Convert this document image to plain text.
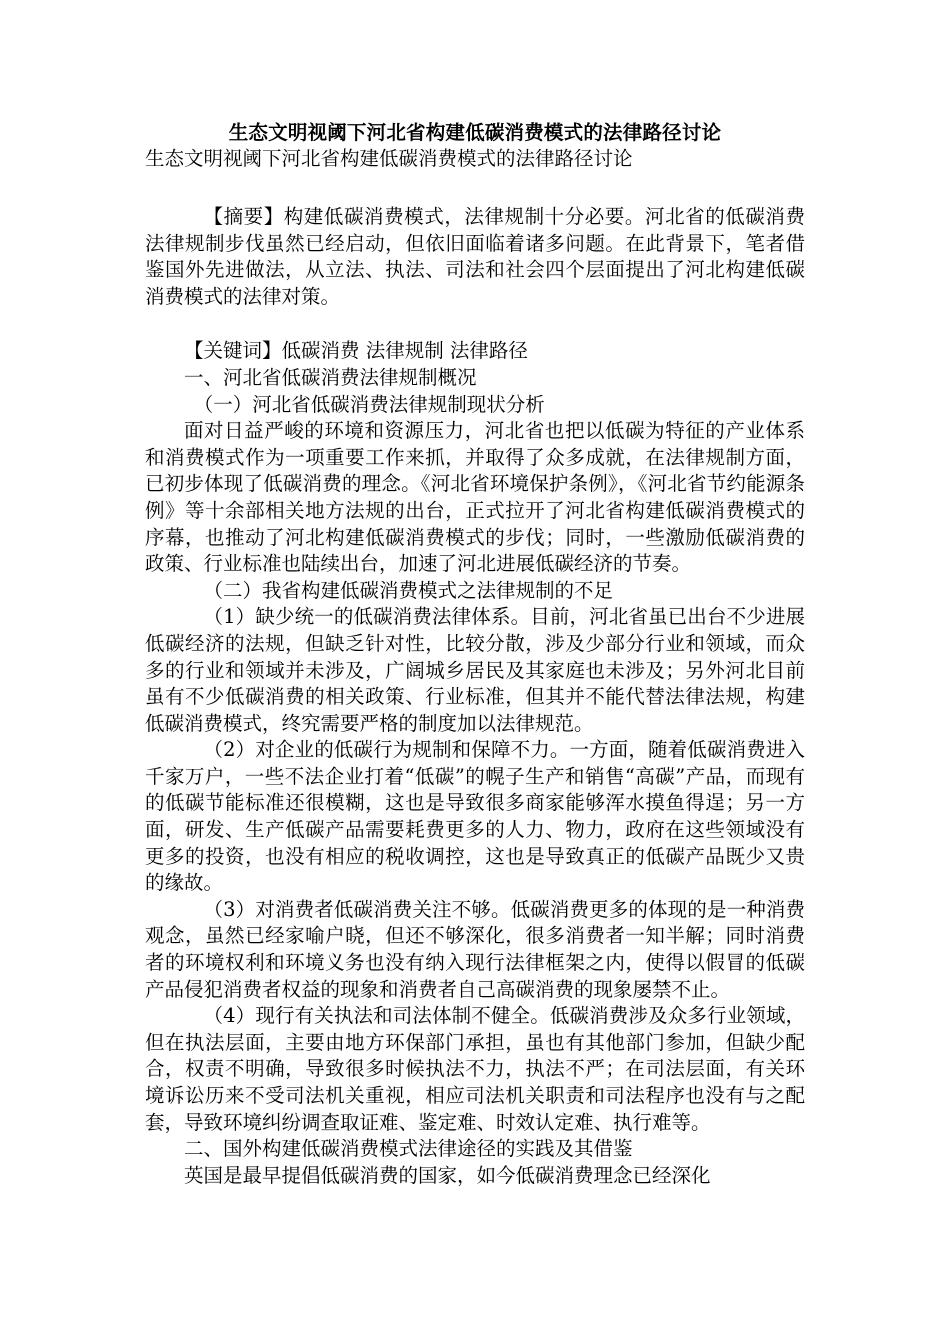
生态文明视阈下河北省构建低碳消费模式的法律路径讨论

生态文明视阈下河北省构建低碳消费模式的法律路径讨论

【摘要】构建低碳消费模式，法律规制十分必要。河北省的低碳消费法律规制步伐虽然已经启动，但依旧面临着诸多问题。在此背景下，笔者借鉴国外先进做法，从立法、执法、司法和社会四个层面提出了河北构建低碳消费模式的法律对策。

【关键词】低碳消费 法律规制 法律路径

一、河北省低碳消费法律规制概况

（一）河北省低碳消费法律规制现状分析

面对日益严峻的环境和资源压力，河北省也把以低碳为特征的产业体系和消费模式作为一项重要工作来抓，并取得了众多成就，在法律规制方面，已初步体现了低碳消费的理念。《河北省环境保护条例》，《河北省节约能源条例》等十余部相关地方法规的出台，正式拉开了河北省构建低碳消费模式的序幕，也推动了河北构建低碳消费模式的步伐；同时，一些激励低碳消费的政策、行业标准也陆续出台，加速了河北进展低碳经济的节奏。

（二）我省构建低碳消费模式之法律规制的不足

（1）缺少统一的低碳消费法律体系。目前，河北省虽已出台不少进展低碳经济的法规，但缺乏针对性，比较分散，涉及少部分行业和领域，而众多的行业和领域并未涉及，广阔城乡居民及其家庭也未涉及；另外河北目前虽有不少低碳消费的相关政策、行业标准，但其并不能代替法律法规，构建低碳消费模式，终究需要严格的制度加以法律规范。

（2）对企业的低碳行为规制和保障不力。一方面，随着低碳消费进入千家万户，一些不法企业打着“低碳”的幌子生产和销售“高碳”产品，而现有的低碳节能标准还很模糊，这也是导致很多商家能够浑水摸鱼得逞；另一方面，研发、生产低碳产品需要耗费更多的人力、物力，政府在这些领域没有更多的投资，也没有相应的税收调控，这也是导致真正的低碳产品既少又贵的缘故。

（3）对消费者低碳消费关注不够。低碳消费更多的体现的是一种消费观念，虽然已经家喻户晓，但还不够深化，很多消费者一知半解；同时消费者的环境权利和环境义务也没有纳入现行法律框架之内，使得以假冒的低碳产品侵犯消费者权益的现象和消费者自己高碳消费的现象屡禁不止。

（4）现行有关执法和司法体制不健全。低碳消费涉及众多行业领域，但在执法层面，主要由地方环保部门承担，虽也有其他部门参加，但缺少配合，权责不明确，导致很多时候执法不力，执法不严；在司法层面，有关环境诉讼历来不受司法机关重视，相应司法机关职责和司法程序也没有与之配套，导致环境纠纷调查取证难、鉴定难、时效认定难、执行难等。

二、国外构建低碳消费模式法律途径的实践及其借鉴

英国是最早提倡低碳消费的国家，如今低碳消费理念已经深化
